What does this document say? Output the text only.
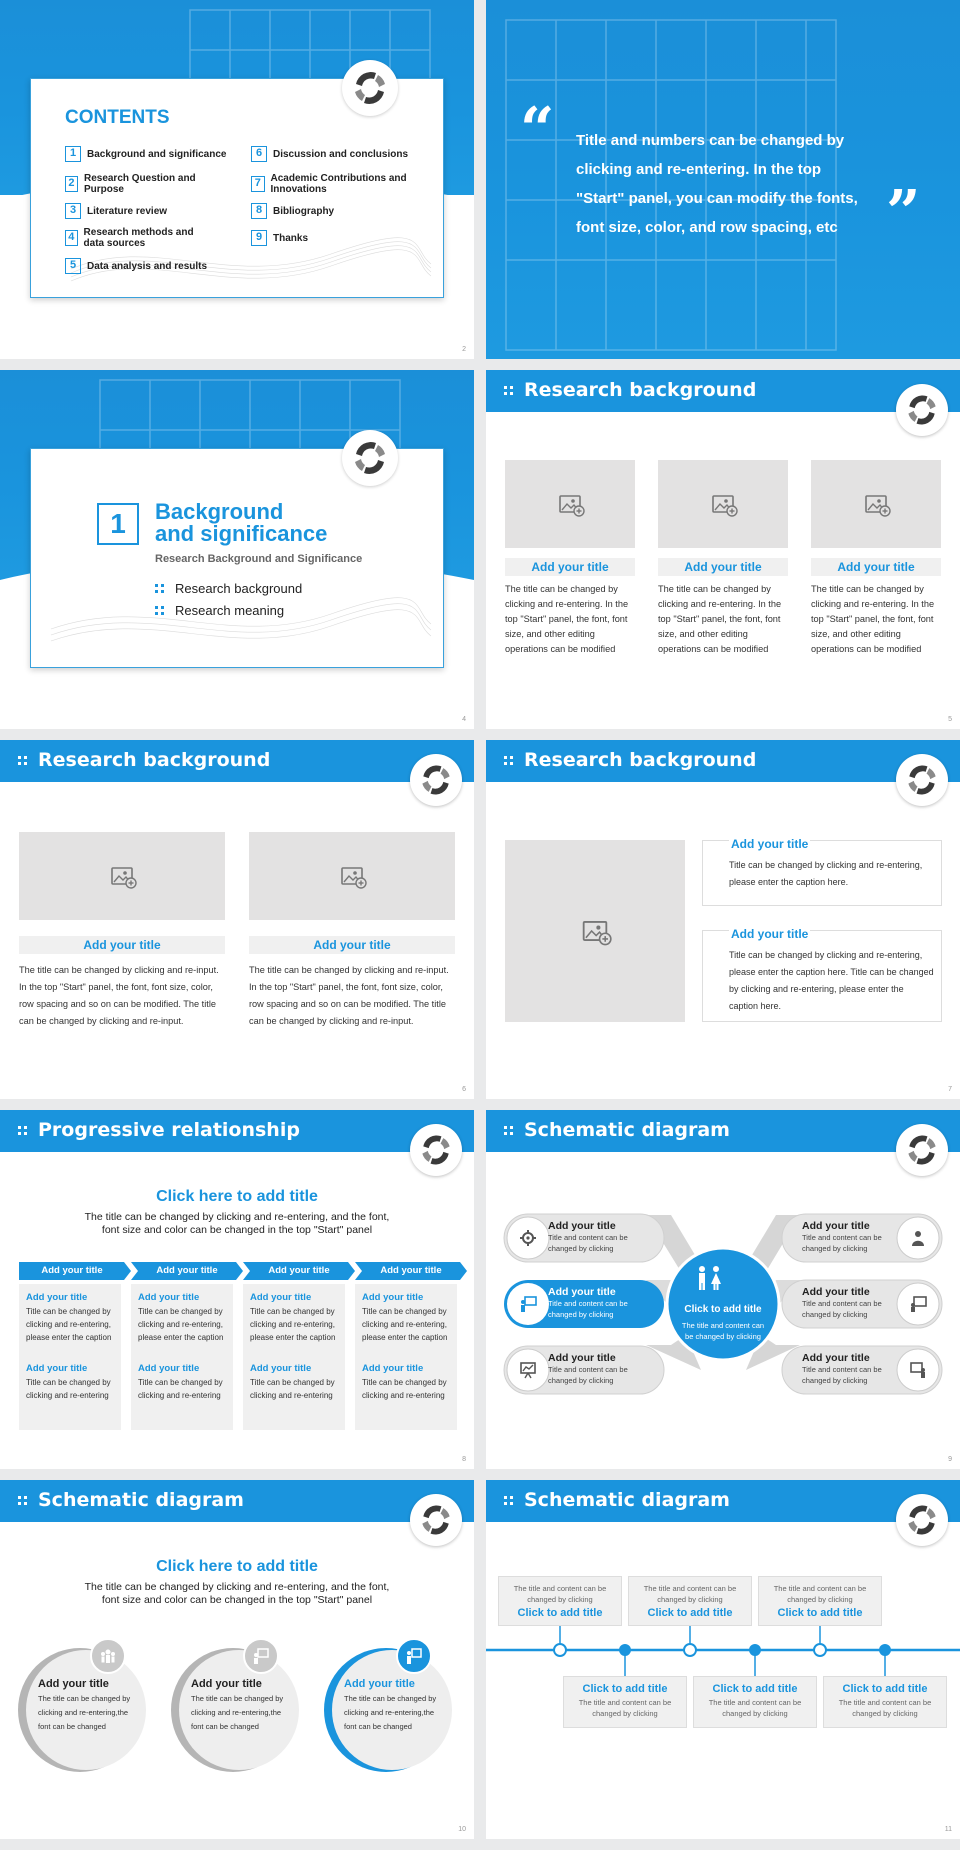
CONTENTS
1	Background and significance
2 Research Question and Purpose
3	Literature review
4 Research methods and data sources
5	Data analysis and results
6	Discussion and conclusions
7 Academic Contributions and Innovations
8	Bibliography
9	Thanks
2
“ Title and numbers can be changed by clicking and re-entering. In the top "Start" panel, you can modify the fonts, font size, color, and row spacing, etc ”
1	Background
and significance
Research Background and Significance
Research background
Research meaning
4
Research background
Add your title
The title can be changed by clicking and re-entering. In the top "Start" panel, the font, font size, and other editing operations can be modified
Add your title
The title can be changed by clicking and re-entering. In the top "Start" panel, the font, font size, and other editing operations can be modified
Add your title
The title can be changed by clicking and re-entering. In the top "Start" panel, the font, font size, and other editing operations can be modified
5
Research background
Add your title
The title can be changed by clicking and re-input. In the top "Start" panel, the font, font size, color, row spacing and so on can be modified. The title can be changed by clicking and re-input.
Add your title
The title can be changed by clicking and re-input. In the top "Start" panel, the font, font size, color, row spacing and so on can be modified. The title can be changed by clicking and re-input.
6
Research background
Add your title
Title can be changed by clicking and re-entering, please enter the caption here.
Add your title
Title can be changed by clicking and re-entering, please enter the caption here. Title can be changed by clicking and re-entering, please enter the caption here.
7
Progressive relationship
Click here to add title
The title can be changed by clicking and re-entering, and the font, font size and color can be changed in the top "Start" panel
Add your title	Add your title	Add your title	Add your title
Add your title
Title can be changed by clicking and re-entering, please enter the caption
Add your title
Title can be changed by clicking and re-entering
Add your title
Title can be changed by clicking and re-entering, please enter the caption
Add your title
Title can be changed by clicking and re-entering
Add your title
Title can be changed by clicking and re-entering, please enter the caption
Add your title
Title can be changed by clicking and re-entering
Add your title
Title can be changed by clicking and re-entering, please enter the caption
Add your title
Title can be changed by clicking and re-entering
8
Schematic diagram
Add your title
Title and content can be changed by clicking
Add your title
Title and content can be changed by clicking
Add your title
Title and content can be changed by clicking
Add your title
Title and content can be changed by clicking
Add your title
Title and content can be changed by clicking
Add your title
Title and content can be changed by clicking
Click to add title
The title and content can be changed by clicking
9
Schematic diagram
Click here to add title
The title can be changed by clicking and re-entering, and the font, font size and color can be changed in the top "Start" panel
Add your title
The title can be changed by clicking and re-entering,the font can be changed
Add your title
The title can be changed by clicking and re-entering,the font can be changed
Add your title
The title can be changed by clicking and re-entering,the font can be changed
10
Schematic diagram
The title and content can be changed by clicking
Click to add title
The title and content can be changed by clicking
Click to add title
The title and content can be changed by clicking
Click to add title
Click to add title
The title and content can be changed by clicking
Click to add title
The title and content can be changed by clicking
Click to add title
The title and content can be changed by clicking
11
